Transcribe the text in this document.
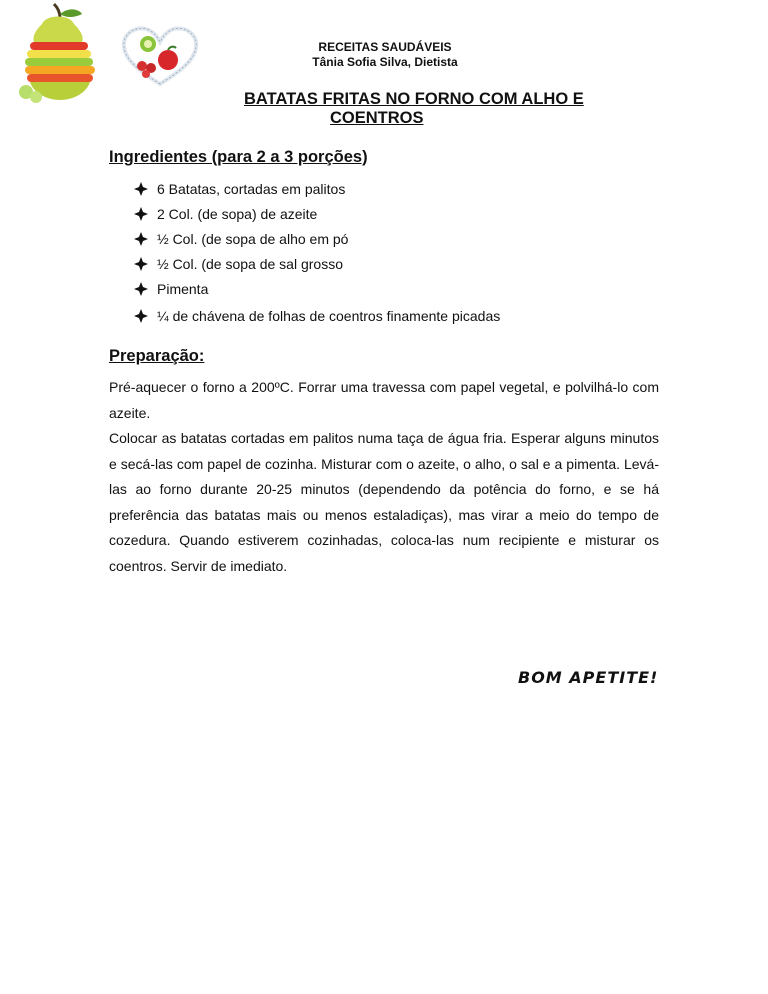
RECEITAS SAUDÁVEIS
Tânia Sofia Silva, Dietista
BATATAS FRITAS NO FORNO COM ALHO E
COENTROS
Ingredientes (para 2 a 3 porções)
6 Batatas, cortadas em palitos
2 Col. (de sopa) de azeite
½ Col. (de sopa de alho em pó
½ Col. (de sopa de sal grosso
Pimenta
¼ de chávena de folhas de coentros finamente picadas
Preparação:

Pré-aquecer o forno a 200ºC. Forrar uma travessa com papel vegetal, e polvilhá-lo com azeite.

Colocar as batatas cortadas em palitos numa taça de água fria. Esperar alguns minutos e secá-las com papel de cozinha. Misturar com o azeite, o alho, o sal e a pimenta. Levá-las ao forno durante 20-25 minutos (dependendo da potência do forno, e se há preferência das batatas mais ou menos estaladiças), mas virar a meio do tempo de cozedura. Quando estiverem cozinhadas, coloca-las num recipiente e misturar os coentros. Servir de imediato.

BOM APETITE!
